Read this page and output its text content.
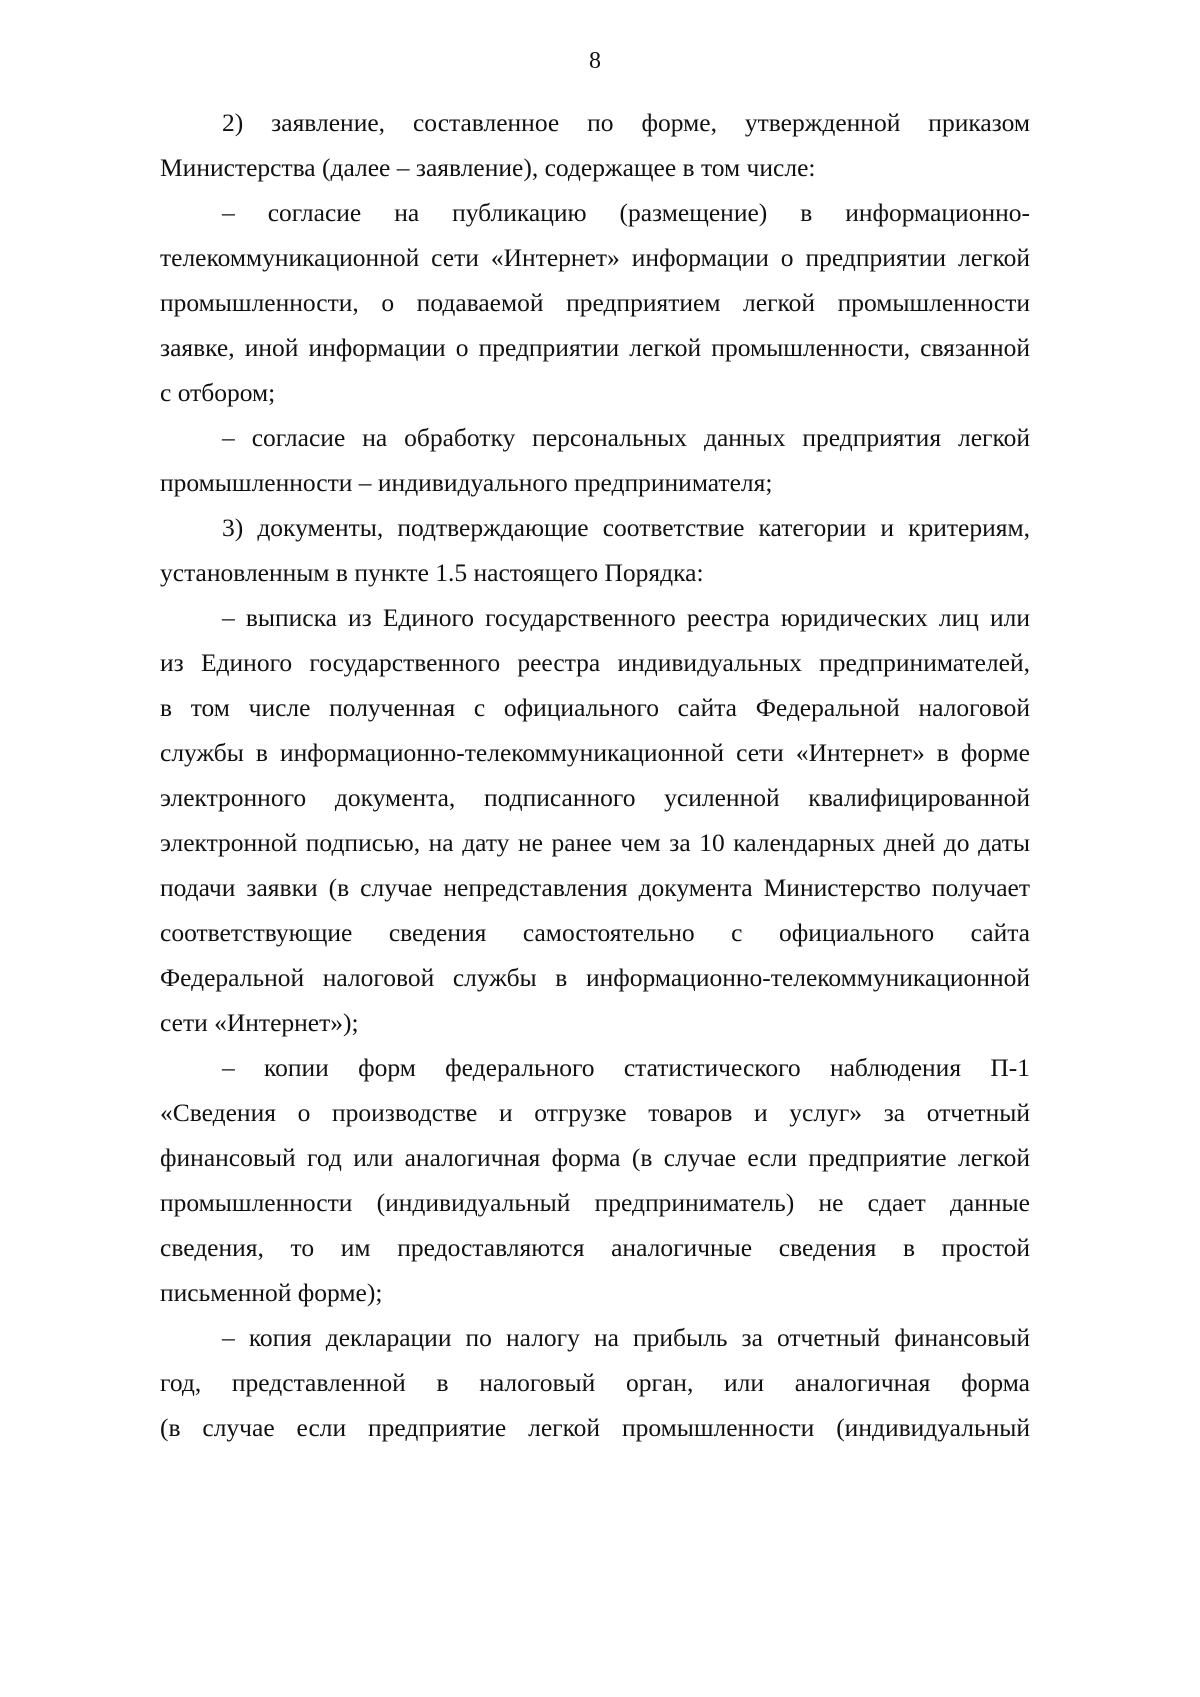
8
2) заявление, составленное по форме, утвержденной приказом
Министерства (далее – заявление), содержащее в том числе:
– согласие на публикацию (размещение) в информационно-
телекоммуникационной сети «Интернет» информации о предприятии легкой
промышленности, о подаваемой предприятием легкой промышленности
заявке, иной информации о предприятии легкой промышленности, связанной
с отбором;
– согласие на обработку персональных данных предприятия легкой
промышленности – индивидуального предпринимателя;
3) документы, подтверждающие соответствие категории и критериям,
установленным в пункте 1.5 настоящего Порядка:
– выписка из Единого государственного реестра юридических лиц или
из Единого государственного реестра индивидуальных предпринимателей,
в том числе полученная с официального сайта Федеральной налоговой
службы в информационно-телекоммуникационной сети «Интернет» в форме
электронного документа, подписанного усиленной квалифицированной
электронной подписью, на дату не ранее чем за 10 календарных дней до даты
подачи заявки (в случае непредставления документа Министерство получает
соответствующие сведения самостоятельно с официального сайта
Федеральной налоговой службы в информационно-телекоммуникационной
сети «Интернет»);
– копии форм федерального статистического наблюдения П-1
«Сведения о производстве и отгрузке товаров и услуг» за отчетный
финансовый год или аналогичная форма (в случае если предприятие легкой
промышленности (индивидуальный предприниматель) не сдает данные
сведения, то им предоставляются аналогичные сведения в простой
письменной форме);
– копия декларации по налогу на прибыль за отчетный финансовый
год, представленной в налоговый орган, или аналогичная форма
(в случае если предприятие легкой промышленности (индивидуальный
